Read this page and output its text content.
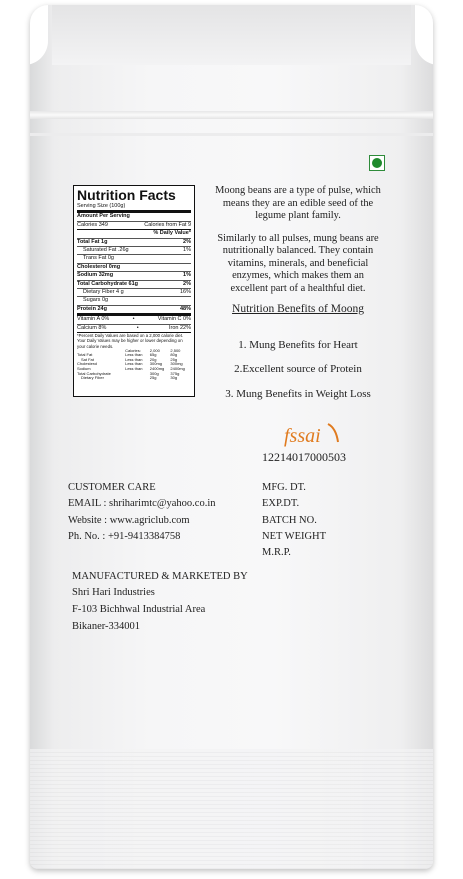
Nutrition Facts
Serving Size (100g)
Amount Per Serving
Calories 349	Calories from Fat 9
% Daily Value*
Total Fat 1g	2%
Saturated Fat .26g	1%
Trans Fat 0g
Cholesterol 0mg
Sodium 32mg	1%
Total Carbohydrate 61g	2%
Dietary Fiber 4 g	16%
Sugars 0g
Protein 24g	48%
Vitamin A 0%	•	Vitamin C 0%
Calcium 8%	•	Iron 22%
*Percent Daily Values are based on a 2,000 calorie diet. Your Daily Values may be higher or lower depending on your calorie needs.
	Calories:	2,000	2,500
Total Fat	Less than	65g	80g
Sat Fat	Less than	20g	25g
Cholesterol	Less than	300mg	300mg
Sodium	Less than	2400mg	2400mg
Total Carbohydrate		300g	375g
Dietary Fiber		25g	30g

Moong beans are a type of pulse, which means they are an edible seed of the legume plant family.

Similarly to all pulses, mung beans are nutritionally balanced. They contain vitamins, minerals, and beneficial enzymes, which makes them an excellent part of a healthful diet.

Nutrition Benefits of Moong
1. Mung Benefits for Heart
2.Excellent source of Protein
3. Mung Benefits in Weight Loss
fssai
12214017000503
CUSTOMER CARE
EMAIL : shriharimtc@yahoo.co.in
Website : www.agriclub.com
Ph. No. : +91-9413384758
MFG. DT.
EXP.DT.
BATCH NO.
NET WEIGHT
M.R.P.
MANUFACTURED & MARKETED BY
Shri Hari Industries
F-103 Bichhwal Industrial Area
Bikaner-334001
